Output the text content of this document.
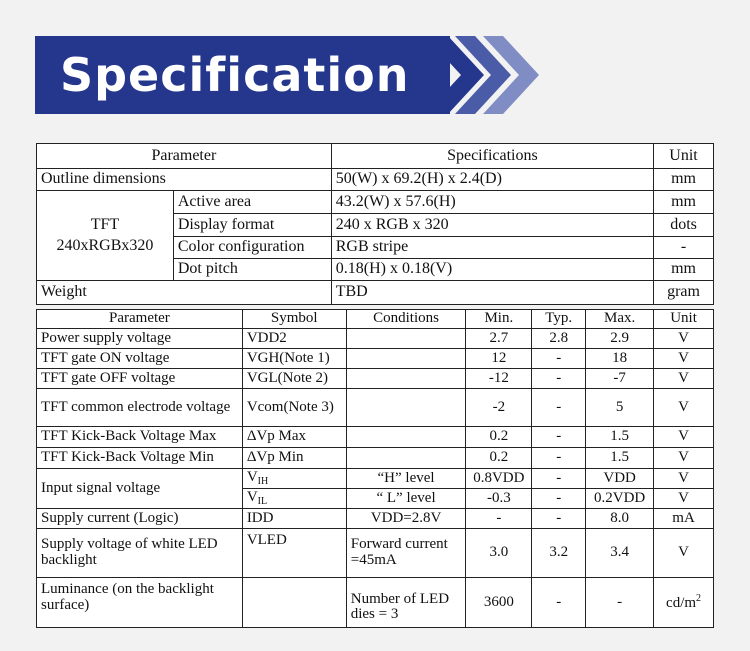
Specification
Parameter		Specifications	Unit
Outline dimensions		50(W) x 69.2(H) x 2.4(D)	mm

TFT
240xRGBx320	Active area	43.2(W) x 57.6(H)	mm
	Display format	240 x RGB x 320	dots
	Color configuration	RGB stripe	-
	Dot pitch	0.18(H) x 0.18(V)	mm
Weight		TBD	gram
Parameter	Symbol	Conditions	Min.	Typ.	Max.	Unit
Power supply voltage	VDD2		2.7	2.8	2.9	V
TFT gate ON voltage	VGH(Note 1)		12	-	18	V
TFT gate OFF voltage	VGL(Note 2)		-12	-	-7	V
TFT common electrode voltage	Vcom(Note 3)		-2	-	5	V
TFT Kick-Back Voltage Max	ΔVp Max		0.2	-	1.5	V
TFT Kick-Back Voltage Min	ΔVp Min		0.2	-	1.5	V
Input signal voltage	$V_{IH}$	“H” level	0.8VDD	-	VDD	V
	$V_{IL}$	“ L” level	-0.3	-	0.2VDD	V
Supply current (Logic)	IDD	VDD=2.8V	-	-	8.0	mA
Supply voltage of white LED backlight	VLED	Forward current =45mA	3.0	3.2	3.4	V
Luminance (on the backlight surface)		Number of LED dies = 3	3600	-	-	$cd/m^2$
